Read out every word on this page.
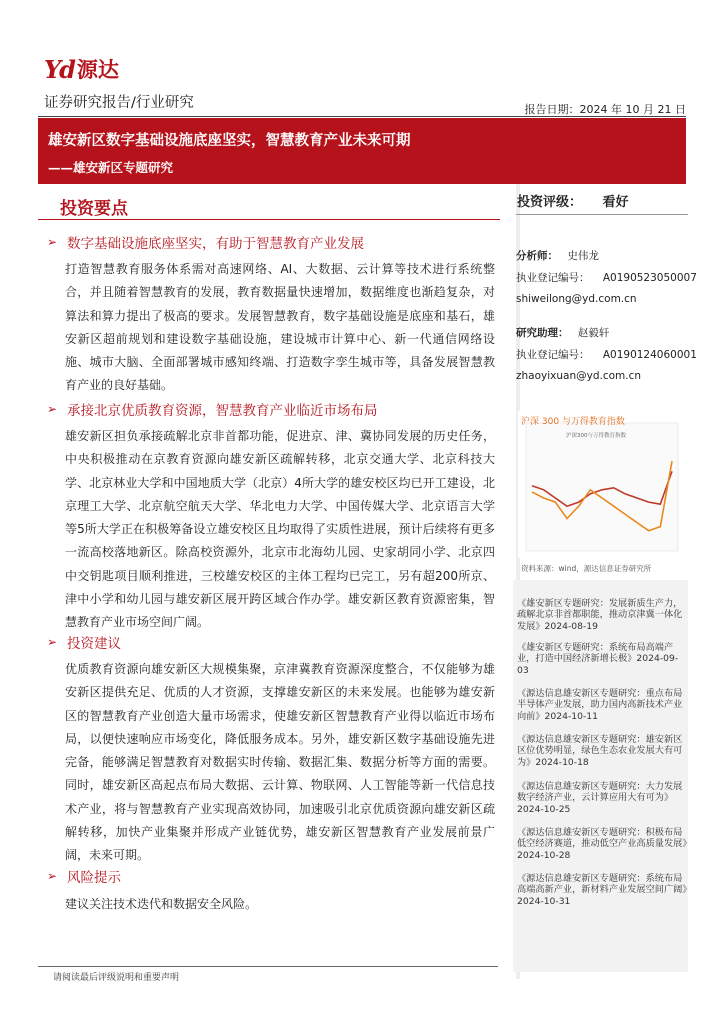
Yd 源达
证券研究报告/行业研究	报告日期：2024 年 10 月 21 日
雄安新区数字基础设施底座坚实，智慧教育产业未来可期
——雄安新区专题研究
投资要点
➢ 数字基础设施底座坚实，有助于智慧教育产业发展
打造智慧教育服务体系需对高速网络、AI、大数据、云计算等技术进行系统整合，并且随着智慧教育的发展，教育数据量快速增加，数据维度也渐趋复杂，对算法和算力提出了极高的要求。发展智慧教育，数字基础设施是底座和基石，雄安新区超前规划和建设数字基础设施，建设城市计算中心、新一代通信网络设施、城市大脑、全面部署城市感知终端、打造数字孪生城市等，具备发展智慧教育产业的良好基础。
➢ 承接北京优质教育资源，智慧教育产业临近市场布局
雄安新区担负承接疏解北京非首都功能，促进京、津、冀协同发展的历史任务，中央积极推动在京教育资源向雄安新区疏解转移，北京交通大学、北京科技大学、北京林业大学和中国地质大学（北京）4所大学的雄安校区均已开工建设，北京理工大学、北京航空航天大学、华北电力大学、中国传媒大学、北京语言大学等5所大学正在积极筹备设立雄安校区且均取得了实质性进展，预计后续将有更多一流高校落地新区。除高校资源外，北京市北海幼儿园、史家胡同小学、北京四中交钥匙项目顺利推进，三校雄安校区的主体工程均已完工，另有超200所京、津中小学和幼儿园与雄安新区展开跨区域合作办学。雄安新区教育资源密集，智慧教育产业市场空间广阔。
➢ 投资建议
优质教育资源向雄安新区大规模集聚，京津冀教育资源深度整合，不仅能够为雄安新区提供充足、优质的人才资源，支撑雄安新区的未来发展。也能够为雄安新区的智慧教育产业创造大量市场需求，使雄安新区智慧教育产业得以临近市场布局，以便快速响应市场变化，降低服务成本。另外，雄安新区数字基础设施先进完备，能够满足智慧教育对数据实时传输、数据汇集、数据分析等方面的需要。同时，雄安新区高起点布局大数据、云计算、物联网、人工智能等新一代信息技术产业，将与智慧教育产业实现高效协同，加速吸引北京优质资源向雄安新区疏解转移，加快产业集聚并形成产业链优势，雄安新区智慧教育产业发展前景广阔，未来可期。
➢ 风险提示
建议关注技术迭代和数据安全风险。
投资评级： 看好
分析师： 史伟龙
执业登记编号： A0190523050007
shiweilong@yd.com.cn
研究助理： 赵毅轩
执业登记编号： A0190124060001
zhaoyixuan@yd.com.cn
沪深300与万得教育指数
沪深 300 与万得教育指数
资料来源：wind，源达信息证券研究所
《雄安新区专题研究：发展新质生产力，疏解北京非首都职能，推动京津冀一体化发展》2024-08-19
《雄安新区专题研究：系统布局高端产业，打造中国经济新增长极》2024-09-03
《源达信息雄安新区专题研究：重点布局半导体产业发展，助力国内高新技术产业向前》2024-10-11
《源达信息雄安新区专题研究：雄安新区区位优势明显，绿色生态农业发展大有可为》2024-10-18
《源达信息雄安新区专题研究：大力发展数字经济产业，云计算应用大有可为》2024-10-25
《源达信息雄安新区专题研究：积极布局低空经济赛道，推动低空产业高质量发展》2024-10-28
《源达信息雄安新区专题研究：系统布局高端高新产业，新材料产业发展空间广阔》2024-10-31
请阅读最后评级说明和重要声明
